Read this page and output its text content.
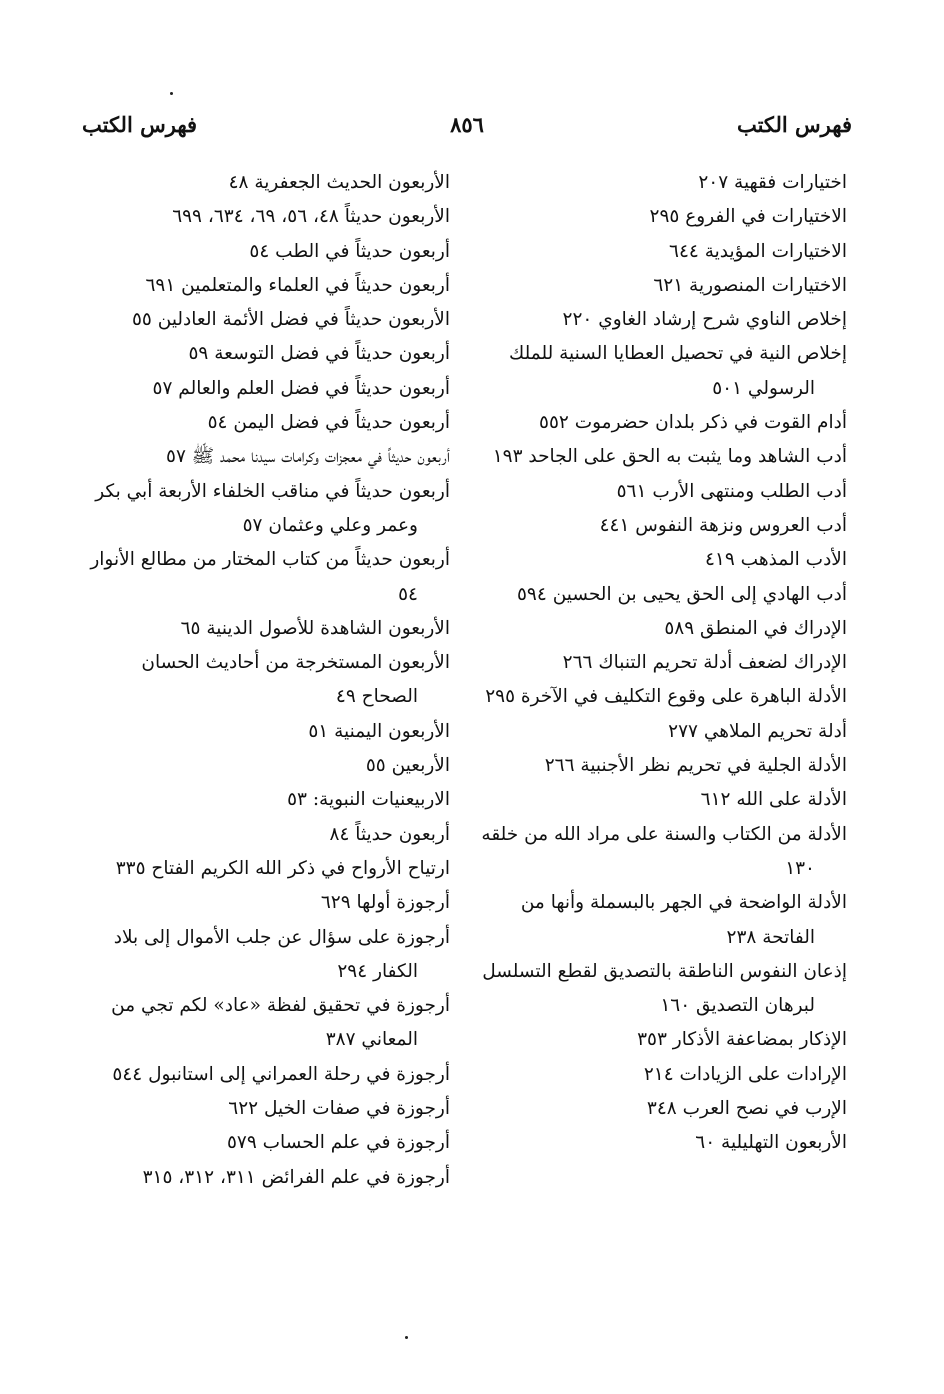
فهرس الكتب
٨٥٦
فهرس الكتب

اختيارات فقهية ٢٠٧

الاختيارات في الفروع ٢٩٥

الاختيارات المؤيدية ٦٤٤

الاختيارات المنصورية ٦٢١

إخلاص الناوي شرح إرشاد الغاوي ٢٢٠

إخلاص النية في تحصيل العطايا السنية للملك الرسولي ٥٠١

أدام القوت في ذكر بلدان حضرموت ٥٥٢

أدب الشاهد وما يثبت به الحق على الجاحد ١٩٣

أدب الطلب ومنتهى الأرب ٥٦١

أدب العروس ونزهة النفوس ٤٤١

الأدب المذهب ٤١٩

أدب الهادي إلى الحق يحيى بن الحسين ٥٩٤

الإدراك في المنطق ٥٨٩

الإدراك لضعف أدلة تحريم التنباك ٢٦٦

الأدلة الباهرة على وقوع التكليف في الآخرة ٢٩٥

أدلة تحريم الملاهي ٢٧٧

الأدلة الجلية في تحريم نظر الأجنبية ٢٦٦

الأدلة على الله ٦١٢

الأدلة من الكتاب والسنة على مراد الله من خلقه ١٣٠

الأدلة الواضحة في الجهر بالبسملة وأنها من الفاتحة ٢٣٨

إذعان النفوس الناطقة بالتصديق لقطع التسلسل لبرهان التصديق ١٦٠

الإذكار بمضاعفة الأذكار ٣٥٣

الإرادات على الزيادات ٢١٤

الإرب في نصح العرب ٣٤٨

الأربعون التهليلية ٦٠

الأربعون الحديث الجعفرية ٤٨

الأربعون حديثاً ٤٨، ٥٦، ٦٩، ٦٣٤، ٦٩٩

أربعون حديثاً في الطب ٥٤

أربعون حديثاً في العلماء والمتعلمين ٦٩١

الأربعون حديثاً في فضل الأئمة العادلين ٥٥

أربعون حديثاً في فضل التوسعة ٥٩

أربعون حديثاً في فضل العلم والعالم ٥٧

أربعون حديثاً في فضل اليمن ٥٤

أربعون حديثاً في معجزات وكرامات سيدنا محمد ﷺ ٥٧

أربعون حديثاً في مناقب الخلفاء الأربعة أبي بكر وعمر وعلي وعثمان ٥٧

أربعون حديثاً من كتاب المختار من مطالع الأنوار ٥٤

الأربعون الشاهدة للأصول الدينية ٦٥

الأربعون المستخرجة من أحاديث الحسان الصحاح ٤٩

الأربعون اليمنية ٥١

الأربعين ٥٥

الاربيعنيات النبوية: ٥٣

أربعون حديثاً ٨٤

ارتياح الأرواح في ذكر الله الكريم الفتاح ٣٣٥

أرجوزة أولها ٦٢٩

أرجوزة على سؤال عن جلب الأموال إلى بلاد الكفار ٢٩٤

أرجوزة في تحقيق لفظة «عاد» لكم تجي من المعاني ٣٨٧

أرجوزة في رحلة العمراني إلى استانبول ٥٤٤

أرجوزة في صفات الخيل ٦٢٢

أرجوزة في علم الحساب ٥٧٩

أرجوزة في علم الفرائض ٣١١، ٣١٢، ٣١٥
